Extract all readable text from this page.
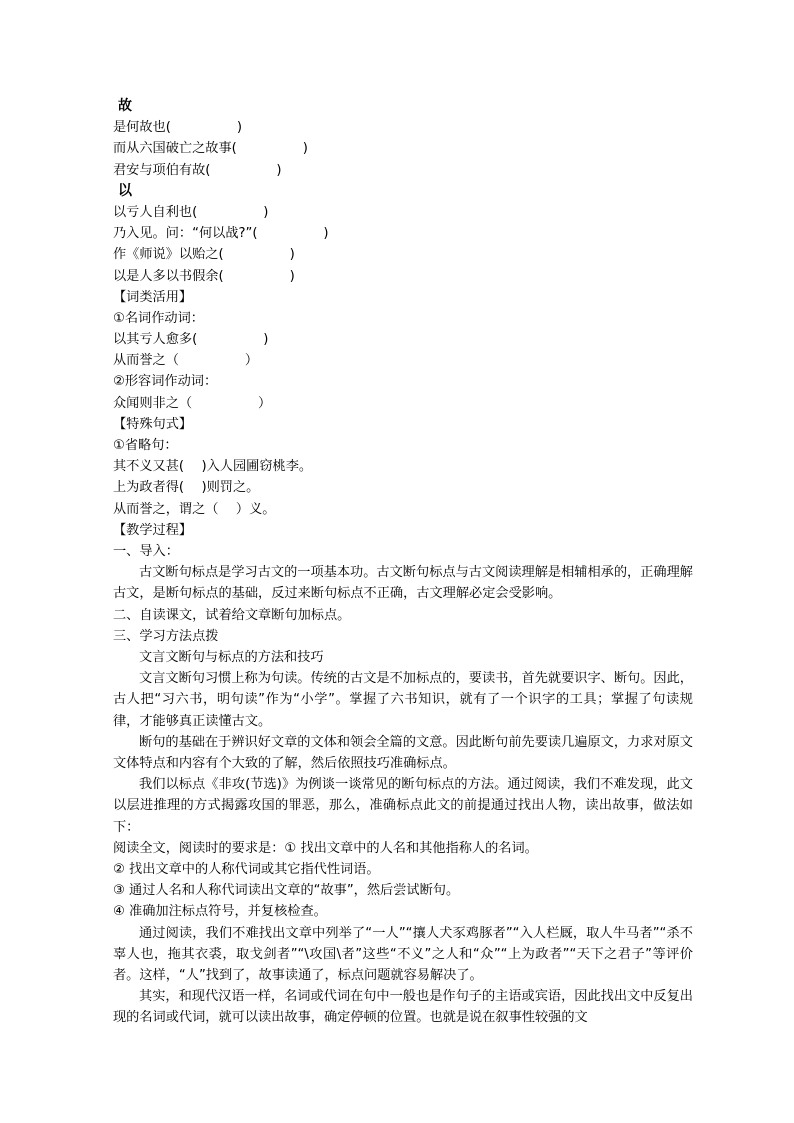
故
是何故也(　　　　　)
而从六国破亡之故事(　　　　　)
君安与项伯有故(　　　　　)
以
以亏人自利也(　　　　　)
乃入见。问：“何以战?”(　　　　　)
作《师说》以贻之(　　　　　)
以是人多以书假余(　　　　　)
【词类活用】
①名词作动词：
以其亏人愈多(　　　　　)
从而誉之（　　　　　）
②形容词作动词：
众闻则非之（　　　　　）
【特殊句式】
①省略句：
其不义又甚(　 )入人园圃窃桃李。
上为政者得(　 )则罚之。
从而誉之，谓之（　 ）义。
【教学过程】
一、导入：
古文断句标点是学习古文的一项基本功。古文断句标点与古文阅读理解是相辅相承的，正确理解古文，是断句标点的基础，反过来断句标点不正确，古文理解必定会受影响。
二、自读课文，试着给文章断句加标点。
三、学习方法点拨
文言文断句与标点的方法和技巧
文言文断句习惯上称为句读。传统的古文是不加标点的，要读书，首先就要识字、断句。因此，古人把“习六书，明句读”作为“小学”。掌握了六书知识，就有了一个识字的工具；掌握了句读规律，才能够真正读懂古文。
断句的基础在于辨识好文章的文体和领会全篇的文意。因此断句前先要读几遍原文，力求对原文文体特点和内容有个大致的了解，然后依照技巧准确标点。
我们以标点《非攻(节选)》为例谈一谈常见的断句标点的方法。通过阅读，我们不难发现，此文以层进推理的方式揭露攻国的罪恶，那么，准确标点此文的前提通过找出人物，读出故事，做法如下：
阅读全文，阅读时的要求是：① 找出文章中的人名和其他指称人的名词。
② 找出文章中的人称代词或其它指代性词语。
③ 通过人名和人称代词读出文章的“故事”，然后尝试断句。
④ 准确加注标点符号，并复核检查。
通过阅读，我们不难找出文章中列举了“一人”“攘人犬豕鸡豚者”“入人栏厩，取人牛马者”“杀不辜人也，拖其衣裘，取戈剑者”“\攻国\者”这些“不义”之人和“众”“上为政者”“天下之君子”等评价者。这样，“人”找到了，故事读通了，标点问题就容易解决了。
其实，和现代汉语一样，名词或代词在句中一般也是作句子的主语或宾语，因此找出文中反复出现的名词或代词，就可以读出故事，确定停顿的位置。也就是说在叙事性较强的文
